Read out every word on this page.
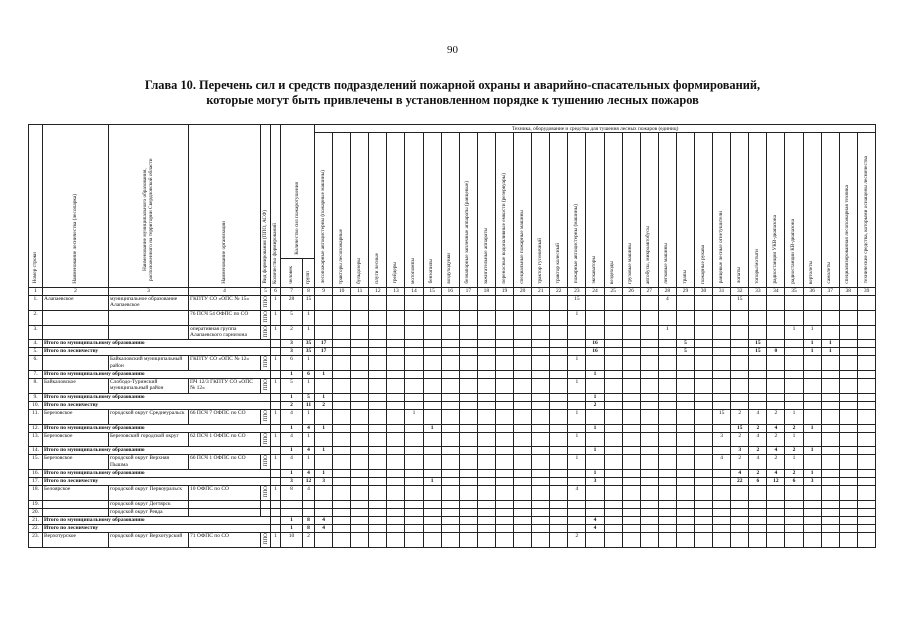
90
Глава 10. Перечень сил и средств подразделений пожарной охраны и аварийно-спасательных формирований,
которые могут быть привлечены в установленном порядке к тушению лесных пожаров
Номер строки	Наименование лесничества (лесопарка)	Наименование муниципального образования, расположенного на территории Свердловской области	Наименование организации	Вид формирования (ППО, АСФ)	Количество формирований	Количество сил пожаротушения		Техника, оборудование и средства для тушения лесных пожаров (единиц)																															
								лесопожарные автоцистерны (пожарные машины)	тракторы лесопожарные	бульдозеры	плуги лесные	грейдеры	мотопомпы	бензопилы	воздуходувки	безнапорные заплечные аппараты (ранцевые)	зажигательные аппараты	переносные водоналивные емкости (резервуары)	специальные пожарные машины	трактор гусеничный	трактор колесный	пожарные автоцистерны (машины)	экскаваторы	вездеходы	грузовые машины	автобусы, микроавтобусы	легковые машины	трапы	пожарные рукава	ранцевые лесные огнетушители	лопаты	топоры/мотыги	радиостанции УКВ-диапазона	радиостанции КВ-диапазона	вертолеты	самолеты	специализированная лесопожарная техника	технические средства, которыми оснащены лесничества	
						человек	групп																																
1	2	3	4	5	6	7	8	9	10	11	12	13	14	15	16	17	18	19	20	21	22	23	24	25	26	27	28	29	30	31	32	33	34	35	36	37	38	39	
1.	Алапаевское	муниципальное образование Алапаевское	ГКПТУ СО «ОПС № 15»	ППО	1	28	15															15					4				15								
2.			76 ПСЧ 54 ОФПС по СО	ППО	1	5	1															1																	
3.			оперативная группа Алапаевского гарнизона	ППО	1	2	1																				1							1	1				
4.	Итого по муниципальному образованию					3	35	17															16					5				15			1	1			
5.	Итого по лесничеству					3	35	17															16					5				15	0		1	1			
6.		Байкаловский муниципальный район	ГКПТУ СО «ОПС № 12»	ППО	1	6	1															1																	
7.	Итого по муниципальному образованию					1	6	1															1																
8.	Байкаловское	Слободо-Туринский муниципальный район	ПЧ 12/3 ГКПТУ СО «ОПС № 12»	ППО	1	5	1															1																	
9.	Итого по муниципальному образованию					1	5	1															1																
10.	Итого по лесничеству					2	11	2															2																
11.	Березовское	городской округ Среднеуральск	66 ПСЧ 7 ОФПС по СО	ППО	1	4	1						1									1								15	2	4	2	1					
12.	Итого по муниципальному образованию					1	4	1						1									1								15	2	4	2	1				
13.	Березовское	Березовский городской округ	62 ПСЧ 1 ОФПС по СО	ППО	1	4	1															1								3	2	4	2	1					
14.	Итого по муниципальному образованию					1	4	1															1								3	2	4	2	1				
15.	Березовское	городской округ Верхняя Пышма	66 ПСЧ 1 ОФПС по СО	ППО	1	4	1															1								4	2	4	2	1					
16.	Итого по муниципальному образованию					1	4	1															1								4	2	4	2	1				
17.	Итого по лесничеству					3	12	3						1									3								22	6	12	6	3				
18.	Белоярское	городской округ Первоуральск	10 ОФПС по СО	ППО	1	8	4															4																	
19.		городской округ Дегтярск																																					
20.		городской округ Ревда																																					
21.	Итого по муниципальному образованию					1	8	4															4																
22.	Итого по лесничеству					1	8	4															4																
23.	Верхотурское	городской округ Верхотурский	71 ОФПС по СО	ППО	1	10	2															2																	
